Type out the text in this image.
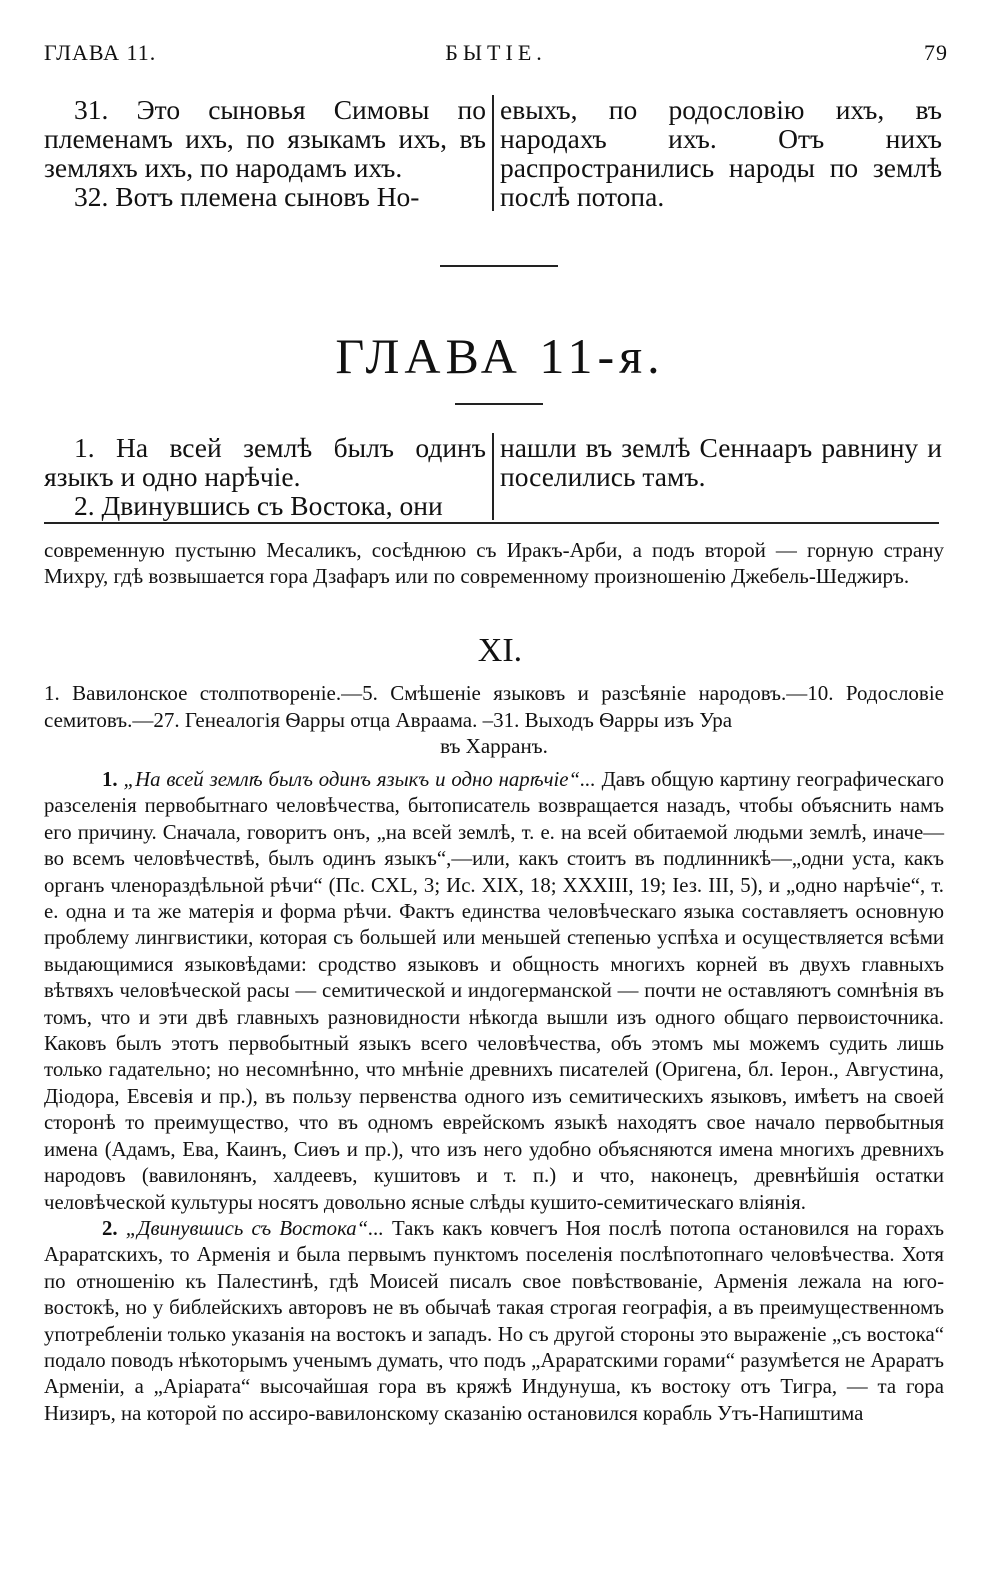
ГЛАВА 11.	БЫТІЕ.	79

31. Это сыновья Симовы по племенамъ ихъ, по языкамъ ихъ, въ земляхъ ихъ, по народамъ ихъ.

32. Вотъ племена сыновъ Но-

евыхъ, по родословію ихъ, въ народахъ ихъ. Отъ нихъ распространились народы по землѣ послѣ потопа.

ГЛАВА 11-я.

1. На всей землѣ былъ одинъ языкъ и одно нарѣчіе.

2. Двинувшись съ Востока, они

нашли въ землѣ Сеннааръ равнину и поселились тамъ.

современную пустыню Месаликъ, сосѣднюю съ Иракъ-Арби, а подъ второй — горную страну Михру, гдѣ возвышается гора Дзафаръ или по современному произношенію Джебель-Шеджиръ.

XI.

1. Вавилонское столпотвореніе.—5. Смѣшеніе языковъ и разсѣяніе народовъ.—10. Родословіе семитовъ.—27. Генеалогія Ѳарры отца Авраама. –31. Выходъ Ѳарры изъ Ура

въ Харранъ.

1. „На всей землѣ былъ одинъ языкъ и одно нарѣчіе“... Давъ общую картину географическаго разселенія первобытнаго человѣчества, бытописатель возвращается назадъ, чтобы объяснить намъ его причину. Сначала, говоритъ онъ, „на всей землѣ, т. е. на всей обитаемой людьми землѣ, иначе—во всемъ человѣчествѣ, былъ одинъ языкъ“,—или, какъ стоитъ въ подлинникѣ—„одни уста, какъ органъ членораздѣльной рѣчи“ (Пс. CXL, 3; Ис. XIX, 18; XXXIII, 19; Іез. III, 5), и „одно нарѣчіе“, т. е. одна и та же матерія и форма рѣчи. Фактъ единства человѣческаго языка составляетъ основную проблему лингвистики, которая съ большей или меньшей степенью успѣха и осуществляется всѣми выдающимися языковѣдами: сродство языковъ и общность многихъ корней въ двухъ главныхъ вѣтвяхъ человѣческой расы — семитической и индогерманской — почти не оставляютъ сомнѣнія въ томъ, что и эти двѣ главныхъ разновидности нѣкогда вышли изъ одного общаго первоисточника. Каковъ былъ этотъ первобытный языкъ всего человѣчества, объ этомъ мы можемъ судить лишь только гадательно; но несомнѣнно, что мнѣніе древнихъ писателей (Оригена, бл. Іерон., Августина, Діодора, Евсевія и пр.), въ пользу первенства одного изъ семитическихъ языковъ, имѣетъ на своей сторонѣ то преимущество, что въ одномъ еврейскомъ языкѣ находятъ свое начало первобытныя имена (Адамъ, Ева, Каинъ, Сиѳъ и пр.), что изъ него удобно объясняются имена многихъ древнихъ народовъ (вавилонянъ, халдеевъ, кушитовъ и т. п.) и что, наконецъ, древнѣйшія остатки человѣческой культуры носятъ довольно ясные слѣды кушито-семитическаго вліянія.

2. „Двинувшись съ Востока“... Такъ какъ ковчегъ Ноя послѣ потопа остановился на горахъ Араратскихъ, то Арменія и была первымъ пунктомъ поселенія послѣпотопнаго человѣчества. Хотя по отношенію къ Палестинѣ, гдѣ Моисей писалъ свое повѣствованіе, Арменія лежала на юго-востокѣ, но у библейскихъ авторовъ не въ обычаѣ такая строгая географія, а въ преимущественномъ употребленіи только указанія на востокъ и западъ. Но съ другой стороны это выраженіе „съ востока“ подало поводъ нѣкоторымъ ученымъ думать, что подъ „Араратскими горами“ разумѣется не Араратъ Арменіи, а „Аріарата“ высочайшая гора въ кряжѣ Индунуша, къ востоку отъ Тигра, — та гора Низиръ, на которой по ассиро-вавилонскому сказанію остановился корабль Утъ-Напиштима
